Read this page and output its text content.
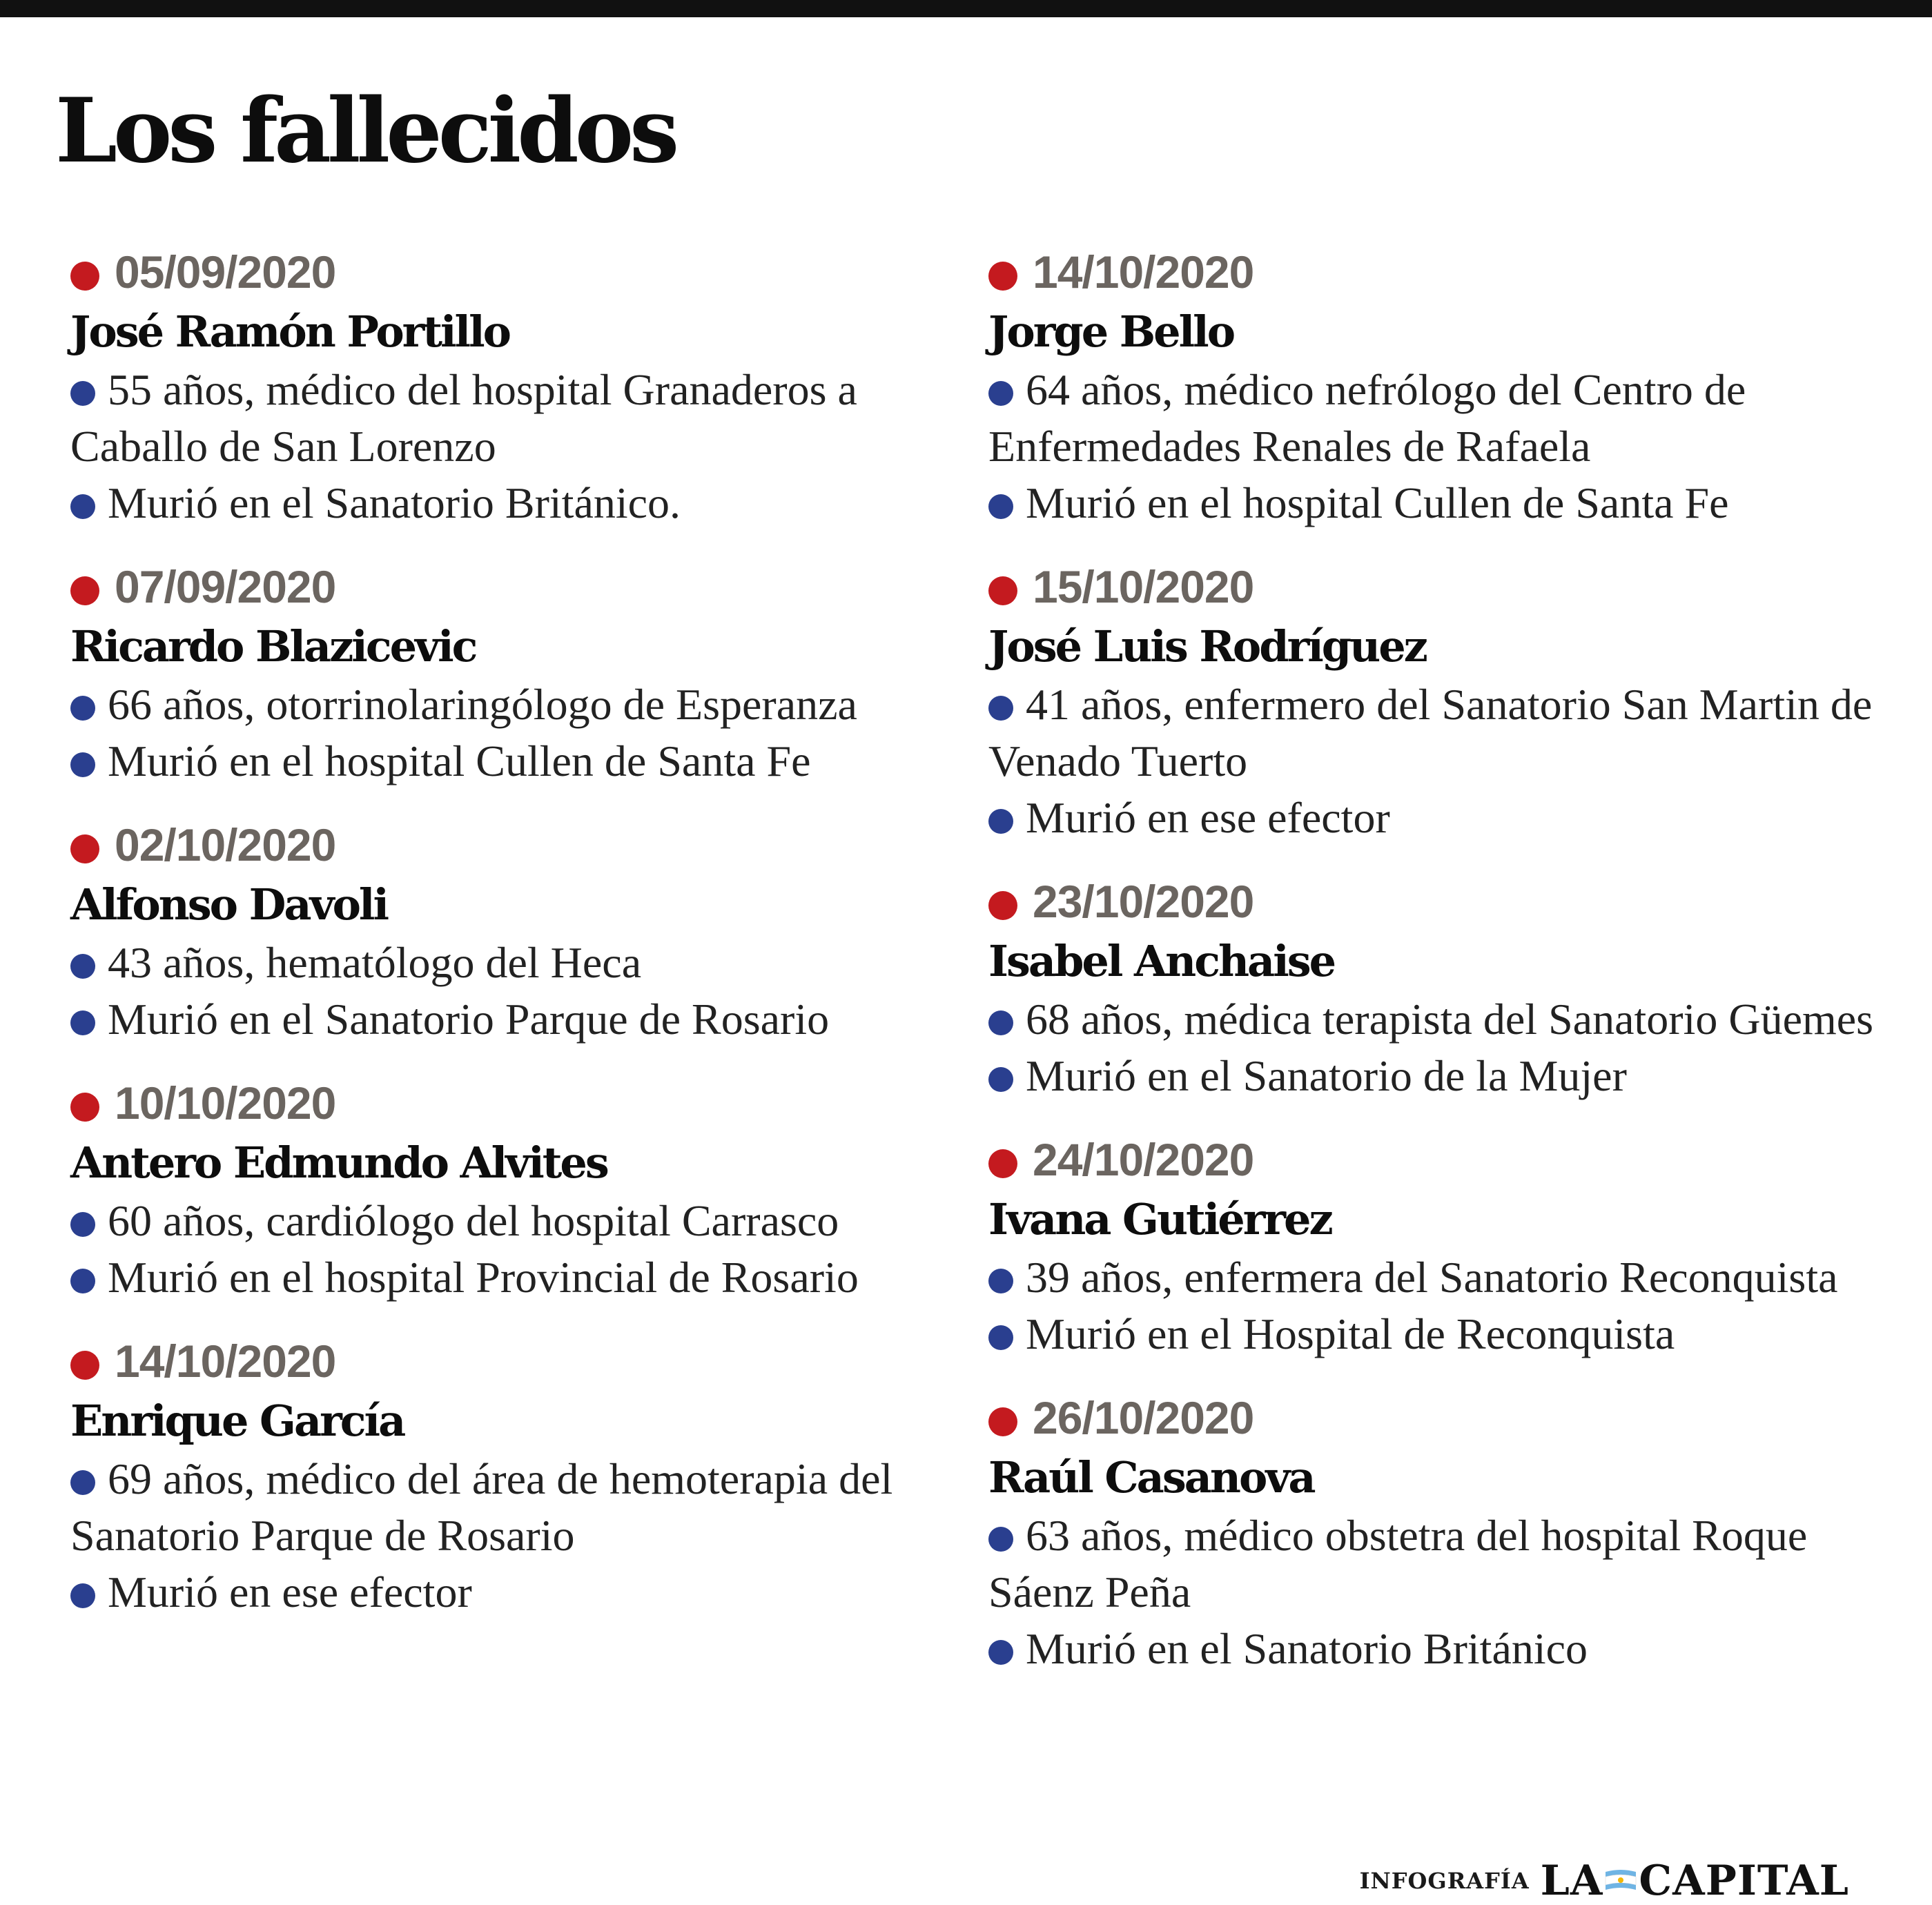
Los fallecidos
05/09/2020
José Ramón Portillo
55 años, médico del hospital Granaderos a Caballo de San Lorenzo
Murió en el Sanatorio Británico.
07/09/2020
Ricardo Blazicevic
66 años, otorrinolaringólogo de Esperanza
Murió en el hospital Cullen de Santa Fe
02/10/2020
Alfonso Davoli
43 años, hematólogo del Heca
Murió en el Sanatorio Parque de Rosario
10/10/2020
Antero Edmundo Alvites
60 años, cardiólogo del hospital Carrasco
Murió en el hospital Provincial de Rosario
14/10/2020
Enrique García
69 años, médico del área de hemoterapia del Sanatorio Parque de Rosario
Murió en ese efector
14/10/2020
Jorge Bello
64 años, médico nefrólogo del Centro de Enfermedades Renales de Rafaela
Murió en el hospital Cullen de Santa Fe
15/10/2020
José Luis Rodríguez
41 años, enfermero del Sanatorio San Martin de Venado Tuerto
Murió en ese efector
23/10/2020
Isabel Anchaise
68 años, médica terapista del Sanatorio Güemes
Murió en el Sanatorio de la Mujer
24/10/2020
Ivana Gutiérrez
39 años, enfermera del Sanatorio Reconquista
Murió en el Hospital de Reconquista
26/10/2020
Raúl Casanova
63 años, médico obstetra del hospital Roque Sáenz Peña
Murió en el Sanatorio Británico
INFOGRAFÍA LA CAPITAL
